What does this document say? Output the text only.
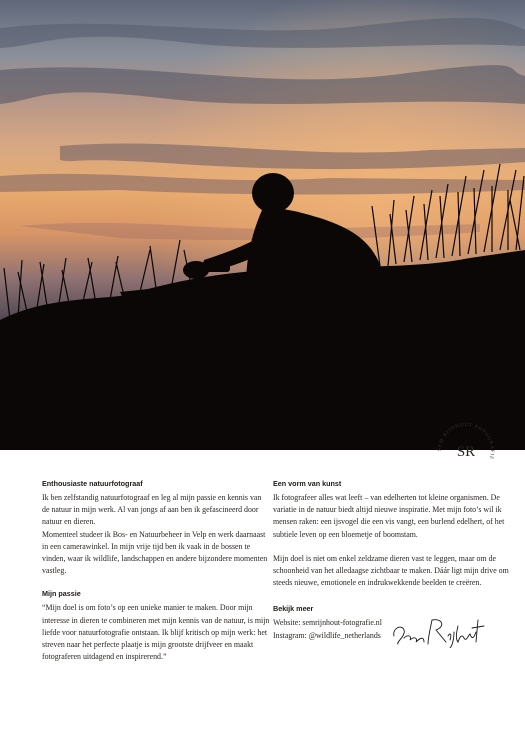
SEM RIJNHOUT FOTOGRAFIE
SR
Enthousiaste natuurfotograaf

Ik ben zelfstandig natuurfotograaf en leg al mijn passie en kennis van de natuur in mijn werk. Al van jongs af aan ben ik gefascineerd door natuur en dieren.

Momenteel studeer ik Bos- en Natuurbeheer in Velp en werk daarnaast in een camerawinkel. In mijn vrije tijd ben ik vaak in de bossen te vinden, waar ik wildlife, landschappen en andere bijzondere momenten vastleg.

Mijn passie

“Mijn doel is om foto’s op een unieke manier te maken. Door mijn interesse in dieren te combineren met mijn kennis van de natuur, is mijn liefde voor natuurfotografie ontstaan. Ik blijf kritisch op mijn werk: het streven naar het perfecte plaatje is mijn grootste drijfveer en maakt fotograferen uitdagend en inspirerend.”

Een vorm van kunst

Ik fotografeer alles wat leeft – van edelherten tot kleine organismen. De variatie in de natuur biedt altijd nieuwe inspiratie. Met mijn foto’s wil ik mensen raken: een ijsvogel die een vis vangt, een burlend edelhert, of het subtiele leven op een bloemetje of boomstam.

Mijn doel is niet om enkel zeldzame dieren vast te leggen, maar om de schoonheid van het alledaagse zichtbaar te maken. Dáár ligt mijn drive om steeds nieuwe, emotionele en indrukwekkende beelden te creëren.

Bekijk meer

Website: semrijnhout-fotografie.nl

Instagram: @wildlife_netherlands
